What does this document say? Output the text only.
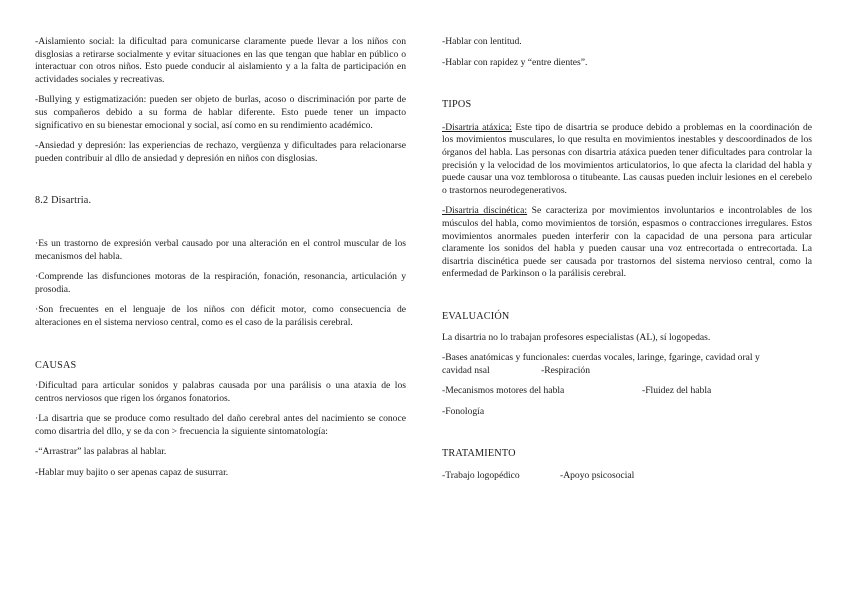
-Aislamiento social: la dificultad para comunicarse claramente puede llevar a los niños con disglosias a retirarse socialmente y evitar situaciones en las que tengan que hablar en público o interactuar con otros niños. Esto puede conducir al aislamiento y a la falta de participación en actividades sociales y recreativas.

-Bullying y estigmatización: pueden ser objeto de burlas, acoso o discriminación por parte de sus compañeros debido a su forma de hablar diferente. Esto puede tener un impacto significativo en su bienestar emocional y social, así como en su rendimiento académico.

-Ansiedad y depresión: las experiencias de rechazo, vergüenza y dificultades para relacionarse pueden contribuir al dllo de ansiedad y depresión en niños con disglosias.

8.2 Disartria.

·Es un trastorno de expresión verbal causado por una alteración en el control muscular de los mecanismos del habla.

·Comprende las disfunciones motoras de la respiración, fonación, resonancia, articulación y prosodia.

·Son frecuentes en el lenguaje de los niños con déficit motor, como consecuencia de alteraciones en el sistema nervioso central, como es el caso de la parálisis cerebral.

CAUSAS

·Dificultad para articular sonidos y palabras causada por una parálisis o una ataxia de los centros nerviosos que rigen los órganos fonatorios.

·La disartria que se produce como resultado del daño cerebral antes del nacimiento se conoce como disartria del dllo, y se da con > frecuencia la siguiente sintomatología:

-“Arrastrar” las palabras al hablar.

-Hablar muy bajito o ser apenas capaz de susurrar.

-Hablar con lentitud.

-Hablar con rapidez y “entre dientes”.

TIPOS

-Disartria atáxica: Este tipo de disartria se produce debido a problemas en la coordinación de los movimientos musculares, lo que resulta en movimientos inestables y descoordinados de los órganos del habla. Las personas con disartria atáxica pueden tener dificultades para controlar la precisión y la velocidad de los movimientos articulatorios, lo que afecta la claridad del habla y puede causar una voz temblorosa o titubeante. Las causas pueden incluir lesiones en el cerebelo o trastornos neurodegenerativos.

-Disartria discinética: Se caracteriza por movimientos involuntarios e incontrolables de los músculos del habla, como movimientos de torsión, espasmos o contracciones irregulares. Estos movimientos anormales pueden interferir con la capacidad de una persona para articular claramente los sonidos del habla y pueden causar una voz entrecortada o entrecortada. La disartria discinética puede ser causada por trastornos del sistema nervioso central, como la enfermedad de Parkinson o la parálisis cerebral.

EVALUACIÓN

La disartria no lo trabajan profesores especialistas (AL), sí logopedas.

-Bases anatómicas y funcionales: cuerdas vocales, laringe, fgaringe, cavidad oral y
cavidad nsal	-Respiración
-Mecanismos motores del habla	-Fluidez del habla

-Fonología

TRATAMIENTO

-Trabajo logopédico	-Apoyo psicosocial
